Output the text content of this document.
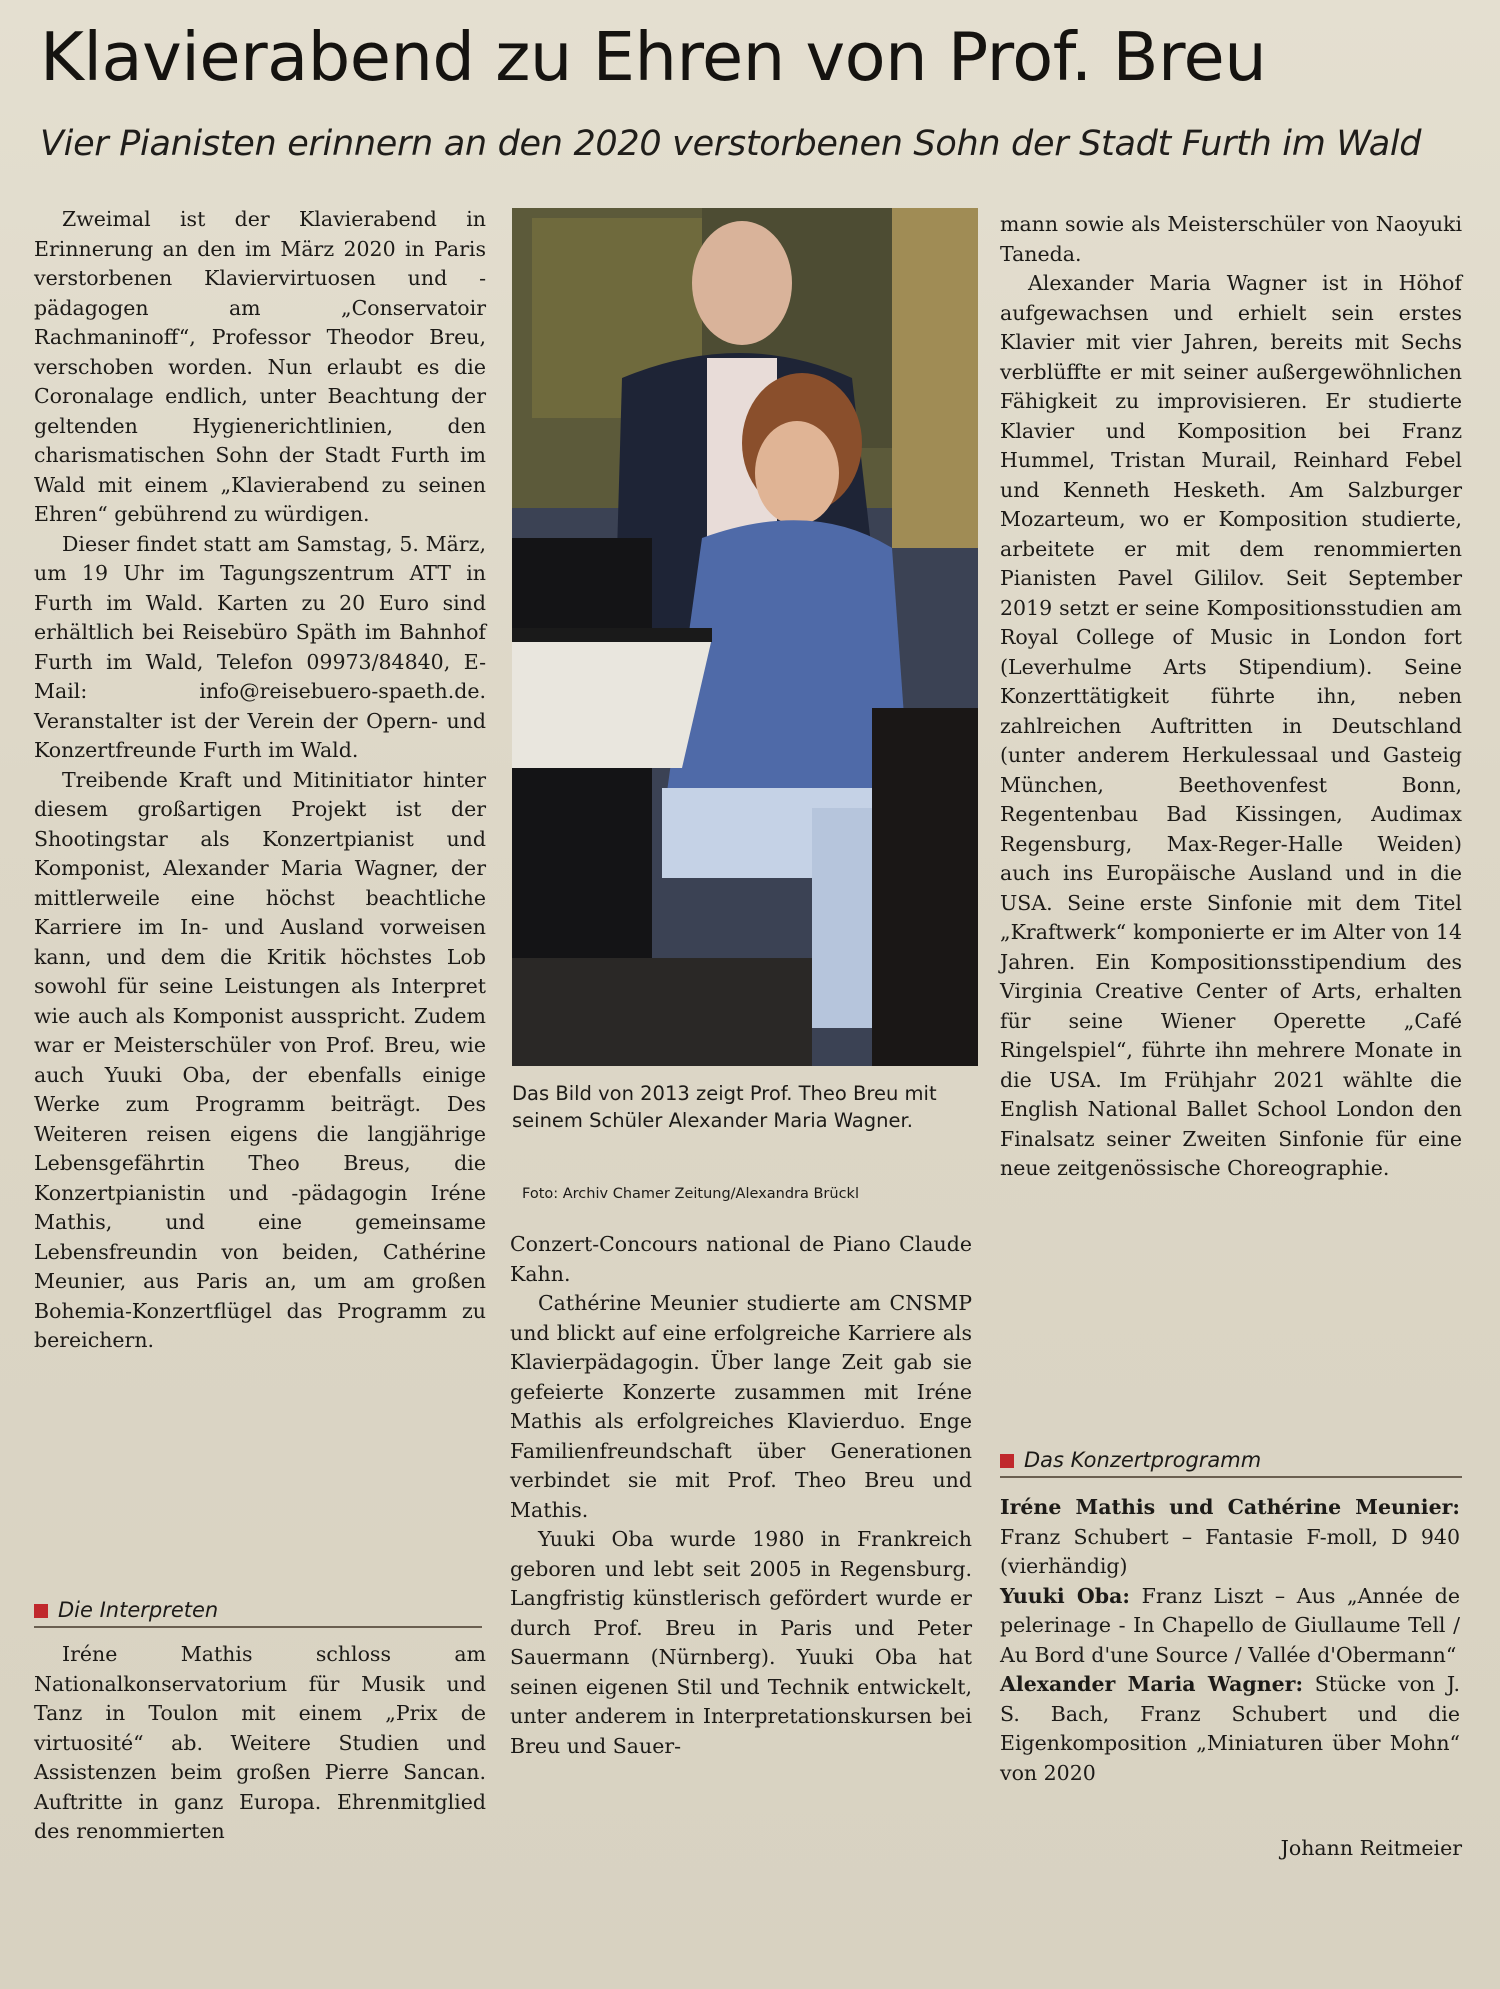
Klavierabend zu Ehren von Prof. Breu
Vier Pianisten erinnern an den 2020 verstorbenen Sohn der Stadt Furth im Wald

Zweimal ist der Klavierabend in Erinnerung an den im März 2020 in Paris verstorbenen Klaviervirtuosen und -pädagogen am „Conservatoir Rachmaninoff“, Professor Theodor Breu, verschoben worden. Nun erlaubt es die Coronalage endlich, unter Beachtung der geltenden Hygienerichtlinien, den charismatischen Sohn der Stadt Furth im Wald mit einem „Klavierabend zu seinen Ehren“ gebührend zu würdigen.

Dieser findet statt am Samstag, 5. März, um 19 Uhr im Tagungszentrum ATT in Furth im Wald. Karten zu 20 Euro sind erhältlich bei Reisebüro Späth im Bahnhof Furth im Wald, Telefon 09973/84840, E-Mail: info@reisebuero-spaeth.de. Veranstalter ist der Verein der Opern- und Konzertfreunde Furth im Wald.

Treibende Kraft und Mitinitiator hinter diesem großartigen Projekt ist der Shootingstar als Konzertpianist und Komponist, Alexander Maria Wagner, der mittlerweile eine höchst beachtliche Karriere im In- und Ausland vorweisen kann, und dem die Kritik höchstes Lob sowohl für seine Leistungen als Interpret wie auch als Komponist ausspricht. Zudem war er Meisterschüler von Prof. Breu, wie auch Yuuki Oba, der ebenfalls einige Werke zum Programm beiträgt. Des Weiteren reisen eigens die langjährige Lebensgefährtin Theo Breus, die Konzertpianistin und -pädagogin Iréne Mathis, und eine gemeinsame Lebensfreundin von beiden, Cathérine Meunier, aus Paris an, um am großen Bohemia-Konzertflügel das Programm zu bereichern.

Die Interpreten

Iréne Mathis schloss am Nationalkonservatorium für Musik und Tanz in Toulon mit einem „Prix de virtuosité“ ab. Weitere Studien und Assistenzen beim großen Pierre Sancan. Auftritte in ganz Europa. Ehrenmitglied des renommierten

Das Bild von 2013 zeigt Prof. Theo Breu mit seinem Schüler Alexander Maria Wagner.
Foto: Archiv Chamer Zeitung/Alexandra Brückl

Conzert-Concours national de Piano Claude Kahn.

Cathérine Meunier studierte am CNSMP und blickt auf eine erfolgreiche Karriere als Klavierpädagogin. Über lange Zeit gab sie gefeierte Konzerte zusammen mit Iréne Mathis als erfolgreiches Klavierduo. Enge Familienfreundschaft über Generationen verbindet sie mit Prof. Theo Breu und Mathis.

Yuuki Oba wurde 1980 in Frankreich geboren und lebt seit 2005 in Regensburg. Langfristig künstlerisch gefördert wurde er durch Prof. Breu in Paris und Peter Sauermann (Nürnberg). Yuuki Oba hat seinen eigenen Stil und Technik entwickelt, unter anderem in Interpretationskursen bei Breu und Sauer-

mann sowie als Meisterschüler von Naoyuki Taneda.

Alexander Maria Wagner ist in Höhof aufgewachsen und erhielt sein erstes Klavier mit vier Jahren, bereits mit Sechs verblüffte er mit seiner außergewöhnlichen Fähigkeit zu improvisieren. Er studierte Klavier und Komposition bei Franz Hummel, Tristan Murail, Reinhard Febel und Kenneth Hesketh. Am Salzburger Mozarteum, wo er Komposition studierte, arbeitete er mit dem renommierten Pianisten Pavel Gililov. Seit September 2019 setzt er seine Kompositionsstudien am Royal College of Music in London fort (Leverhulme Arts Stipendium). Seine Konzerttätigkeit führte ihn, neben zahlreichen Auftritten in Deutschland (unter anderem Herkulessaal und Gasteig München, Beethovenfest Bonn, Regentenbau Bad Kissingen, Audimax Regensburg, Max-Reger-Halle Weiden) auch ins Europäische Ausland und in die USA. Seine erste Sinfonie mit dem Titel „Kraftwerk“ komponierte er im Alter von 14 Jahren. Ein Kompositionsstipendium des Virginia Creative Center of Arts, erhalten für seine Wiener Operette „Café Ringelspiel“, führte ihn mehrere Monate in die USA. Im Frühjahr 2021 wählte die English National Ballet School London den Finalsatz seiner Zweiten Sinfonie für eine neue zeitgenössische Choreographie.

Das Konzertprogramm

Iréne Mathis und Cathérine Meunier: Franz Schubert – Fantasie F-moll, D 940 (vierhändig)

Yuuki Oba: Franz Liszt – Aus „Année de pelerinage - In Chapello de Giullaume Tell / Au Bord d'une Source / Vallée d'Obermann“

Alexander Maria Wagner: Stücke von J. S. Bach, Franz Schubert und die Eigenkomposition „Miniaturen über Mohn“ von 2020

Johann Reitmeier
